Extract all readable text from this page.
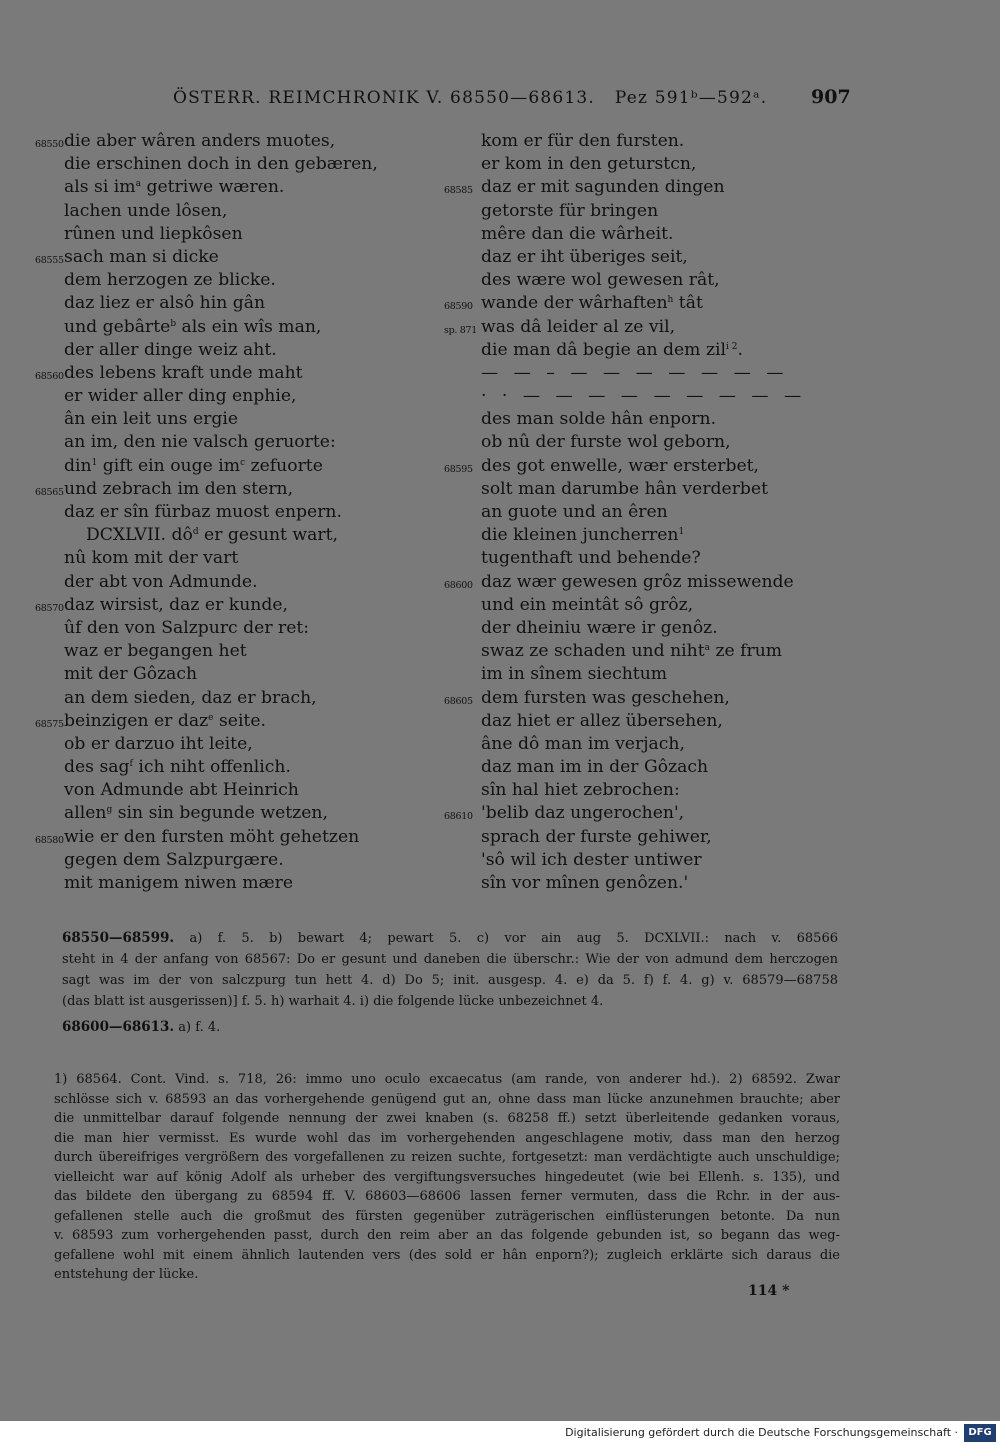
ÖSTERR. REIMCHRONIK V. 68550—68613. Pez 591ᵇ—592ᵃ. 907
68550 die aber wâren anders muotes,
die erschinen doch in den gebæren,
als si $im^a$ getriwe wæren.
lachen unde lôsen,
rûnen und liepkôsen
68555 sach man si dicke
dem herzogen ze blicke.
daz liez er alsô hin gân
und gebârte$^b$ als ein wîs man,
der aller dinge weiz aht.
68560 des lebens kraft unde maht
er wider aller ding enphie,
ân ein leit uns ergie
an im, den nie valsch geruorte:
din$^1$ gift ein ouge $im^c$ zefuorte
68565 und zebrach im den stern,
daz er sîn fürbaz muost enpern.
DCXLVII. $dô^d$ er gesunt wart,
nû kom mit der vart
der abt von Admunde.
68570 daz wirsist, daz er kunde,
ûf den von Salzpurc der ret:
waz er begangen het
mit der Gôzach
an dem sieden, daz er brach,
68575 beinzigen er daz$^e$ seite.
ob er darzuo iht leite,
des sag$^f$ ich niht offenlich.
von Admunde abt Heinrich
allen$^g$ sin sin begunde wetzen,
68580 wie er den fursten möht gehetzen
gegen dem Salzpurgære.
mit manigem niwen mære
kom er für den fursten.
er kom in den geturstcn,
68585 daz er mit sagunden dingen
getorste für bringen
mêre dan die wârheit.
daz er iht überiges seit,
des wære wol gewesen rât,
68590 wande der wârhaften$^h$ tât
sp. 871 was dâ leider al ze vil,
die man dâ begie an dem zil$^{i 2}$.
— — – — — — — — — —
· · — — — — — — — — —
des man solde hân enporn.
ob nû der furste wol geborn,
68595 des got enwelle, wær ersterbet,
solt man darumbe hân verderbet
an guote und an êren
die kleinen juncherren$^1$
tugenthaft und behende?
68600 daz wær gewesen grôz missewende
und ein meintât sô grôz,
der dheiniu wære ir genôz.
swaz ze schaden und niht$^a$ ze frum
im in sînem siechtum
68605 dem fursten was geschehen,
daz hiet er allez übersehen,
âne dô man im verjach,
daz man im in der Gôzach
sîn hal hiet zebrochen:
68610 'belib daz ungerochen',
sprach der furste gehiwer,
'sô wil ich dester untiwer
sîn vor mînen genôzen.'
68550—68599. a) f. 5. b) bewart 4; pewart 5. c) vor ain aug 5. DCXLVII.: nach v. 68566
steht in 4 der anfang von 68567: Do er gesunt und daneben die überschr.: Wie der von admund dem herczogen
sagt was im der von salczpurg tun hett 4. d) Do 5; init. ausgesp. 4. e) da 5. f) f. 4. g) v. 68579—68758
(das blatt ist ausgerissen)] f. 5. h) warhait 4. i) die folgende lücke unbezeichnet 4.
68600—68613. a) f. 4.
1) 68564. Cont. Vind. s. 718, 26: immo uno oculo excaecatus (am rande, von anderer hd.). 2) 68592. Zwar
schlösse sich v. 68593 an das vorhergehende genügend gut an, ohne dass man lücke anzunehmen brauchte; aber
die unmittelbar darauf folgende nennung der zwei knaben (s. 68258 ff.) setzt überleitende gedanken voraus,
die man hier vermisst. Es wurde wohl das im vorhergehenden angeschlagene motiv, dass man den herzog
durch übereifriges vergrößern des vorgefallenen zu reizen suchte, fortgesetzt: man verdächtigte auch unschuldige;
vielleicht war auf könig Adolf als urheber des vergiftungsversuches hingedeutet (wie bei Ellenh. s. 135), und
das bildete den übergang zu 68594 ff. V. 68603—68606 lassen ferner vermuten, dass die Rchr. in der aus-
gefallenen stelle auch die großmut des fürsten gegenüber zuträgerischen einflüsterungen betonte. Da nun
v. 68593 zum vorhergehenden passt, durch den reim aber an das folgende gebunden ist, so begann das weg-
gefallene wohl mit einem ähnlich lautenden vers (des sold er hân enporn?); zugleich erklärte sich daraus die
entstehung der lücke.
114 *
Digitalisierung gefördert durch die Deutsche Forschungsgemeinschaft ·	DFG
